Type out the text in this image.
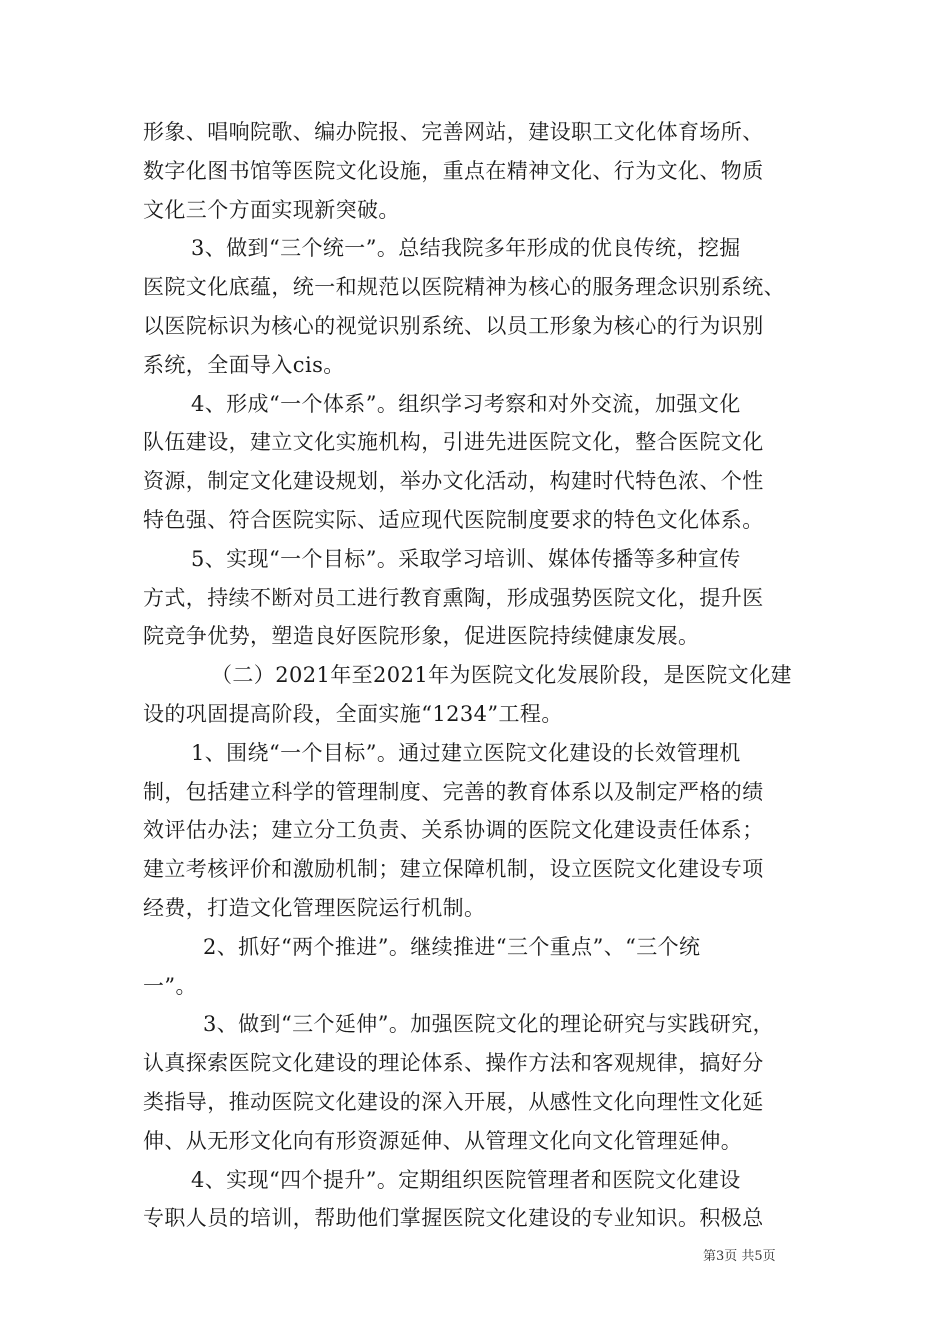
形象、唱响院歌、编办院报、完善网站，建设职工文化体育场所、
数字化图书馆等医院文化设施，重点在精神文化、行为文化、物质
文化三个方面实现新突破。
3、做到“三个统一”。总结我院多年形成的优良传统，挖掘
医院文化底蕴，统一和规范以医院精神为核心的服务理念识别系统、
以医院标识为核心的视觉识别系统、以员工形象为核心的行为识别
系统，全面导入cis。
4、形成“一个体系”。组织学习考察和对外交流，加强文化
队伍建设，建立文化实施机构，引进先进医院文化，整合医院文化
资源，制定文化建设规划，举办文化活动，构建时代特色浓、个性
特色强、符合医院实际、适应现代医院制度要求的特色文化体系。
5、实现“一个目标”。采取学习培训、媒体传播等多种宣传
方式，持续不断对员工进行教育熏陶，形成强势医院文化，提升医
院竞争优势，塑造良好医院形象，促进医院持续健康发展。
（二）2021年至2021年为医院文化发展阶段，是医院文化建
设的巩固提高阶段，全面实施“1234”工程。
1、围绕“一个目标”。通过建立医院文化建设的长效管理机
制，包括建立科学的管理制度、完善的教育体系以及制定严格的绩
效评估办法；建立分工负责、关系协调的医院文化建设责任体系；
建立考核评价和激励机制；建立保障机制，设立医院文化建设专项
经费，打造文化管理医院运行机制。
2、抓好“两个推进”。继续推进“三个重点”、“三个统
一”。
3、做到“三个延伸”。加强医院文化的理论研究与实践研究，
认真探索医院文化建设的理论体系、操作方法和客观规律，搞好分
类指导，推动医院文化建设的深入开展，从感性文化向理性文化延
伸、从无形文化向有形资源延伸、从管理文化向文化管理延伸。
4、实现“四个提升”。定期组织医院管理者和医院文化建设
专职人员的培训，帮助他们掌握医院文化建设的专业知识。积极总
第3页 共5页
